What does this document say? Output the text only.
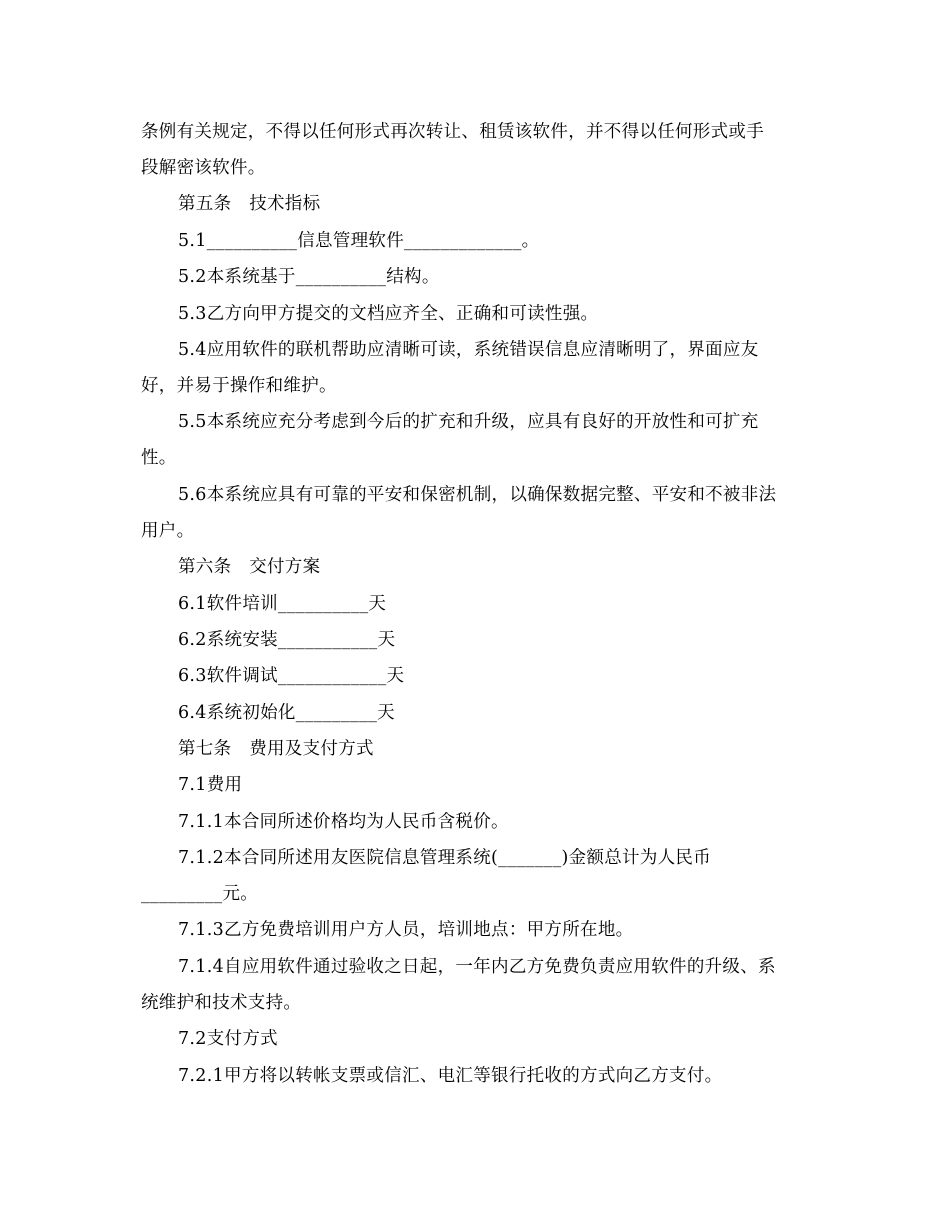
条例有关规定，不得以任何形式再次转让、租赁该软件，并不得以任何形式或手
段解密该软件。
第五条　技术指标
5.1__________信息管理软件_____________。
5.2本系统基于__________结构。
5.3乙方向甲方提交的文档应齐全、正确和可读性强。
5.4应用软件的联机帮助应清晰可读，系统错误信息应清晰明了，界面应友
好，并易于操作和维护。
5.5本系统应充分考虑到今后的扩充和升级，应具有良好的开放性和可扩充
性。
5.6本系统应具有可靠的平安和保密机制，以确保数据完整、平安和不被非法
用户。
第六条　交付方案
6.1软件培训__________天
6.2系统安装___________天
6.3软件调试____________天
6.4系统初始化_________天
第七条　费用及支付方式
7.1费用
7.1.1本合同所述价格均为人民币含税价。
7.1.2本合同所述用友医院信息管理系统(_______)金额总计为人民币
_________元。
7.1.3乙方免费培训用户方人员，培训地点：甲方所在地。
7.1.4自应用软件通过验收之日起，一年内乙方免费负责应用软件的升级、系
统维护和技术支持。
7.2支付方式
7.2.1甲方将以转帐支票或信汇、电汇等银行托收的方式向乙方支付。
